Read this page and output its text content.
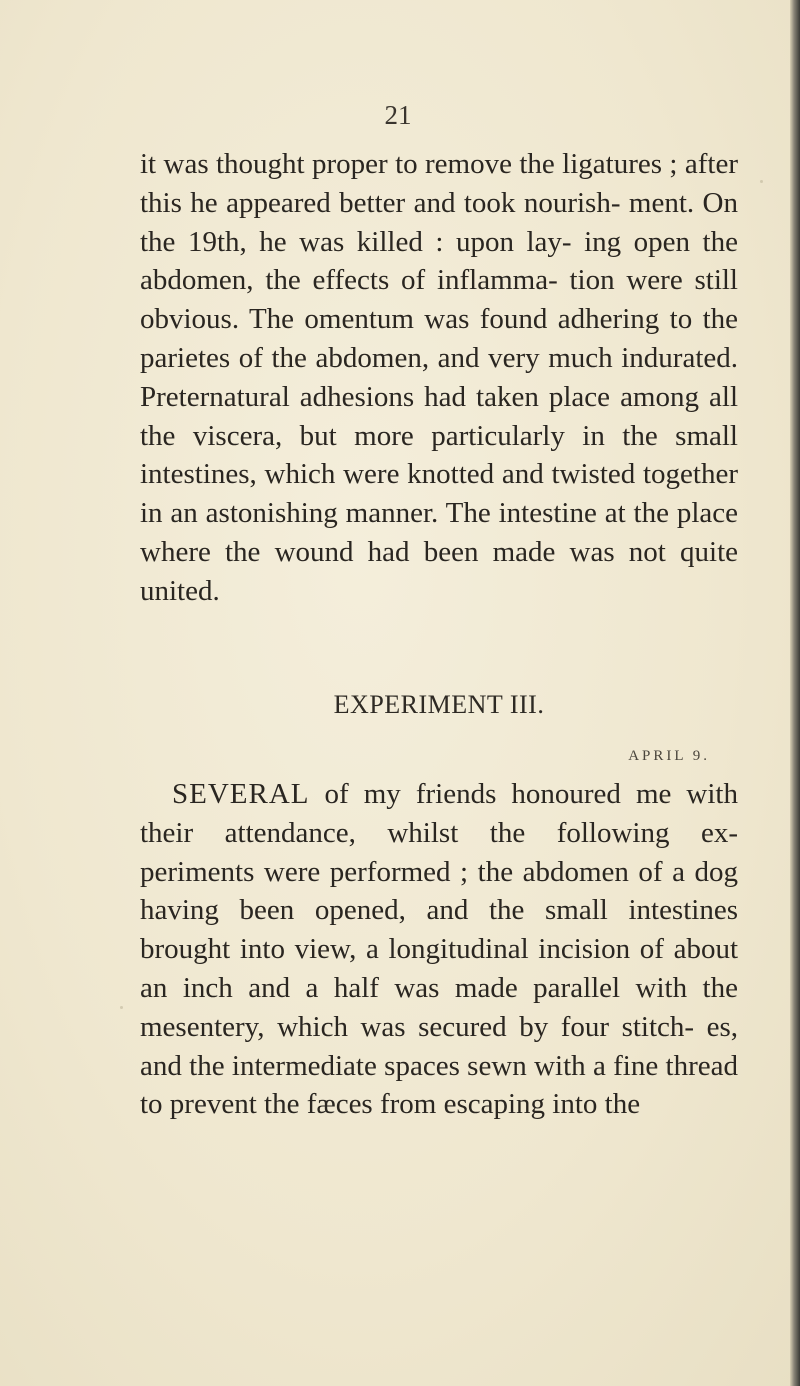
21

it was thought proper to remove the ligatures ; after this he appeared better and took nourish- ment. On the 19th, he was killed : upon lay- ing open the abdomen, the effects of inflamma- tion were still obvious. The omentum was found adhering to the parietes of the abdomen, and very much indurated. Preternatural adhesions had taken place among all the viscera, but more particularly in the small intestines, which were knotted and twisted together in an astonishing manner. The intestine at the place where the wound had been made was not quite united.

EXPERIMENT III.
APRIL 9.

SEVERAL of my friends honoured me with their attendance, whilst the following ex- periments were performed ; the abdomen of a dog having been opened, and the small intestines brought into view, a longitudinal incision of about an inch and a half was made parallel with the mesentery, which was secured by four stitch- es, and the intermediate spaces sewn with a fine thread to prevent the fæces from escaping into the
